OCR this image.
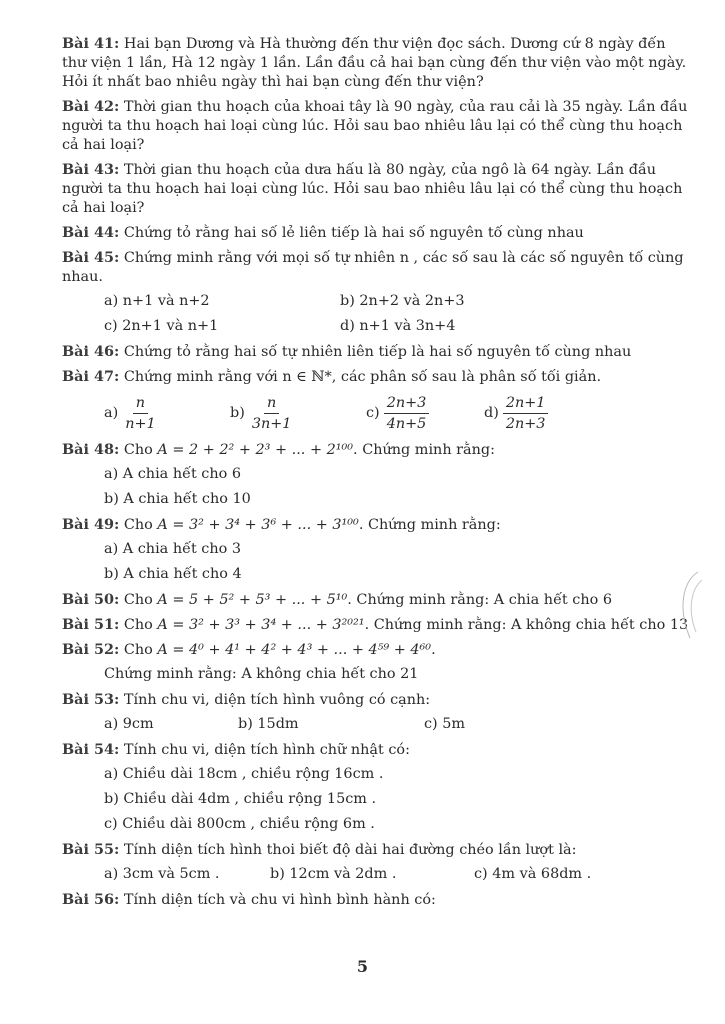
Bài 41: Hai bạn Dương và Hà thường đến thư viện đọc sách. Dương cứ 8 ngày đến thư viện 1 lần, Hà 12 ngày 1 lần. Lần đầu cả hai bạn cùng đến thư viện vào một ngày. Hỏi ít nhất bao nhiêu ngày thì hai bạn cùng đến thư viện?

Bài 42: Thời gian thu hoạch của khoai tây là 90 ngày, của rau cải là 35 ngày. Lần đầu người ta thu hoạch hai loại cùng lúc. Hỏi sau bao nhiêu lâu lại có thể cùng thu hoạch cả hai loại?

Bài 43: Thời gian thu hoạch của dưa hấu là 80 ngày, của ngô là 64 ngày. Lần đầu người ta thu hoạch hai loại cùng lúc. Hỏi sau bao nhiêu lâu lại có thể cùng thu hoạch cả hai loại?

Bài 44: Chứng tỏ rằng hai số lẻ liên tiếp là hai số nguyên tố cùng nhau

Bài 45: Chứng minh rằng với mọi số tự nhiên n , các số sau là các số nguyên tố cùng nhau.

a) n+1 và n+2	b) 2n+2 và 2n+3
c) 2n+1 và n+1	d) n+1 và 3n+4

Bài 46: Chứng tỏ rằng hai số tự nhiên liên tiếp là hai số nguyên tố cùng nhau

Bài 47: Chứng minh rằng với n ∈ ℕ*, các phân số sau là phân số tối giản.

$a) \frac{n}{n+1}$	$b) \frac{n}{3n+1}$	$c) \frac{2n+3}{4n+5}$	$d) \frac{2n+1}{2n+3}$

Bài 48: Cho A = 2 + 2² + 2³ + ... + 2¹⁰⁰. Chứng minh rằng:

a) A chia hết cho 6
b) A chia hết cho 10

Bài 49: Cho A = 3² + 3⁴ + 3⁶ + ... + 3¹⁰⁰. Chứng minh rằng:

a) A chia hết cho 3
b) A chia hết cho 4

Bài 50: Cho A = 5 + 5² + 5³ + ... + 5¹⁰. Chứng minh rằng: A chia hết cho 6

Bài 51: Cho A = 3² + 3³ + 3⁴ + ... + 3²⁰²¹. Chứng minh rằng: A không chia hết cho 13

Bài 52: Cho A = 4⁰ + 4¹ + 4² + 4³ + ... + 4⁵⁹ + 4⁶⁰.

Chứng minh rằng: A không chia hết cho 21

Bài 53: Tính chu vi, diện tích hình vuông có cạnh:

a) 9cm	b) 15dm	c) 5m

Bài 54: Tính chu vi, diện tích hình chữ nhật có:

a) Chiều dài 18cm , chiều rộng 16cm .
b) Chiều dài 4dm , chiều rộng 15cm .
c) Chiều dài 800cm , chiều rộng 6m .

Bài 55: Tính diện tích hình thoi biết độ dài hai đường chéo lần lượt là:

a) 3cm và 5cm .	b) 12cm và 2dm .	c) 4m và 68dm .

Bài 56: Tính diện tích và chu vi hình bình hành có:

5
